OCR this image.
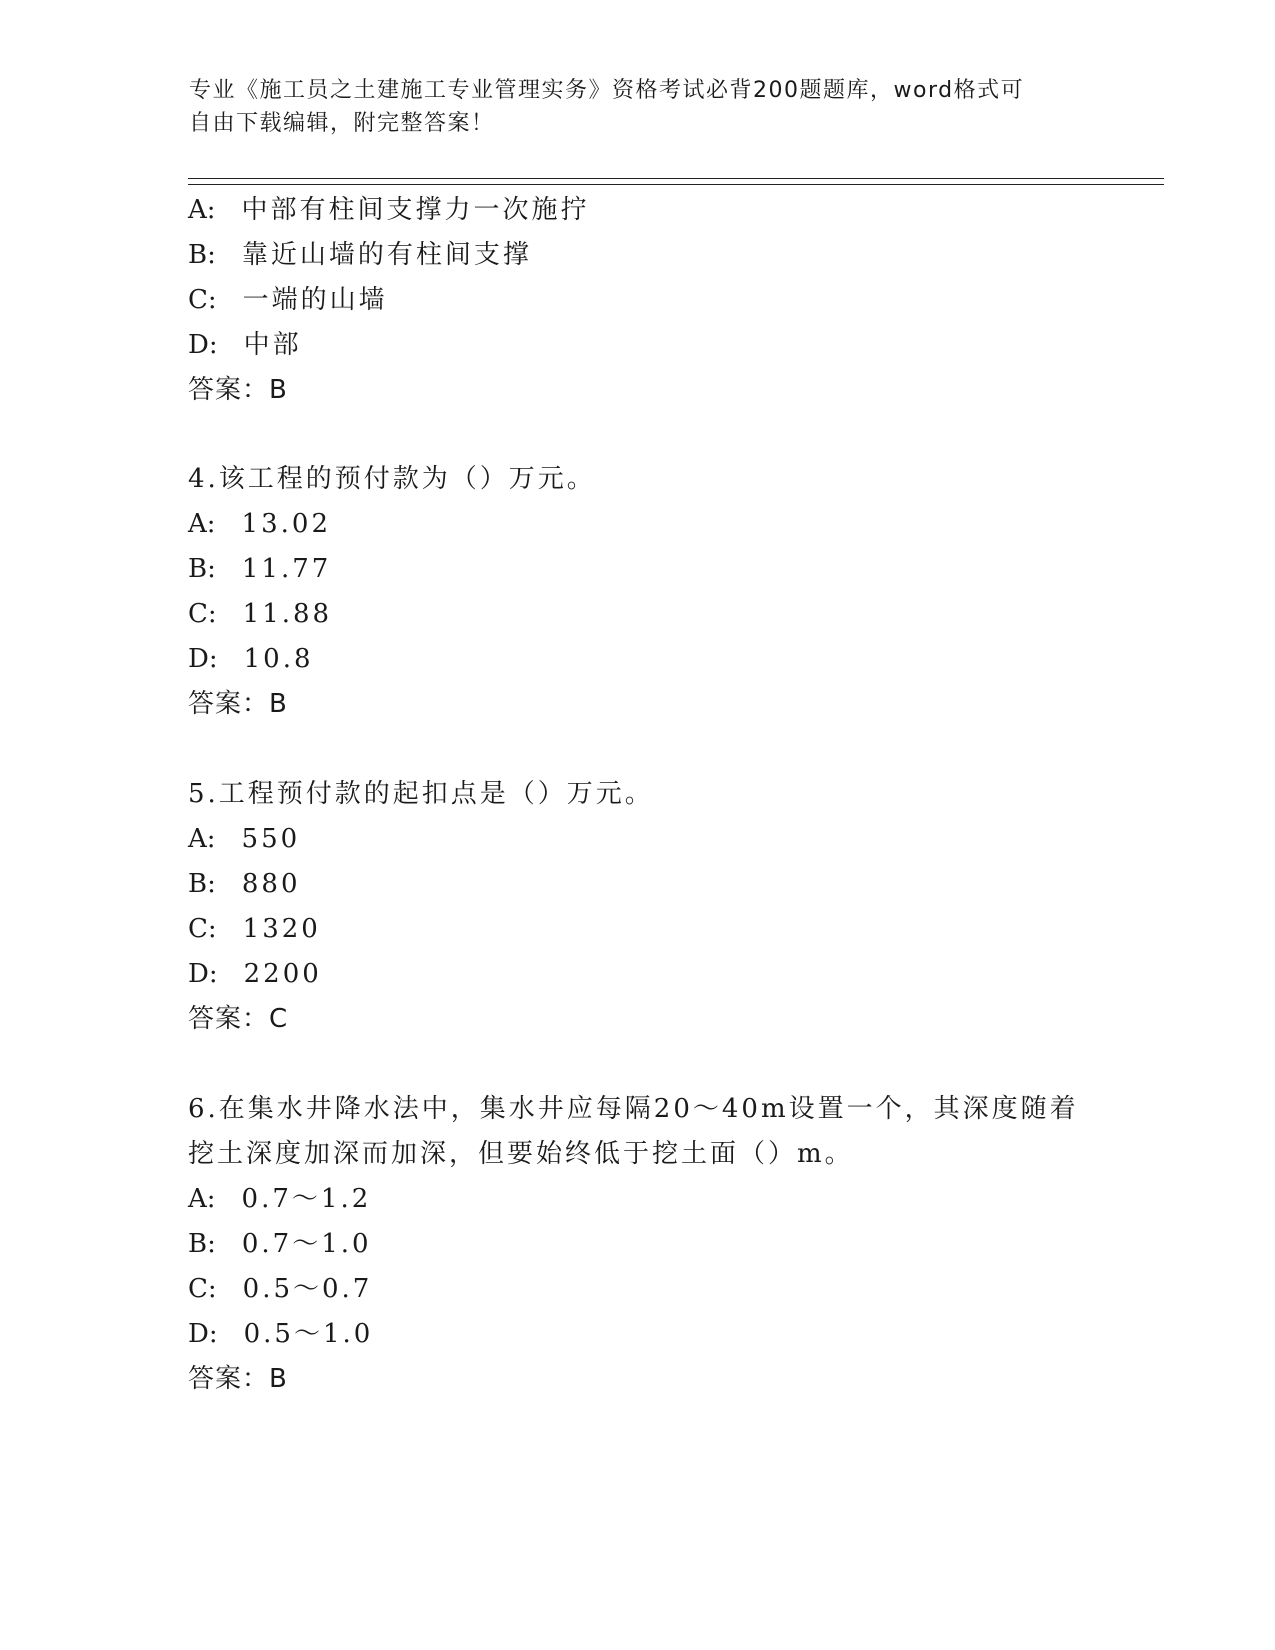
专业《施工员之土建施工专业管理实务》资格考试必背200题题库，word格式可
自由下载编辑，附完整答案！
A: 中部有柱间支撑力一次施拧
B: 靠近山墙的有柱间支撑
C: 一端的山墙
D: 中部
答案：B
4.该工程的预付款为（）万元。
A: 13.02
B: 11.77
C: 11.88
D: 10.8
答案：B
5.工程预付款的起扣点是（）万元。
A: 550
B: 880
C: 1320
D: 2200
答案：C
6.在集水井降水法中，集水井应每隔20～40m设置一个，其深度随着
挖土深度加深而加深，但要始终低于挖土面（）m。
A: 0.7～1.2
B: 0.7～1.0
C: 0.5～0.7
D: 0.5～1.0
答案：B
